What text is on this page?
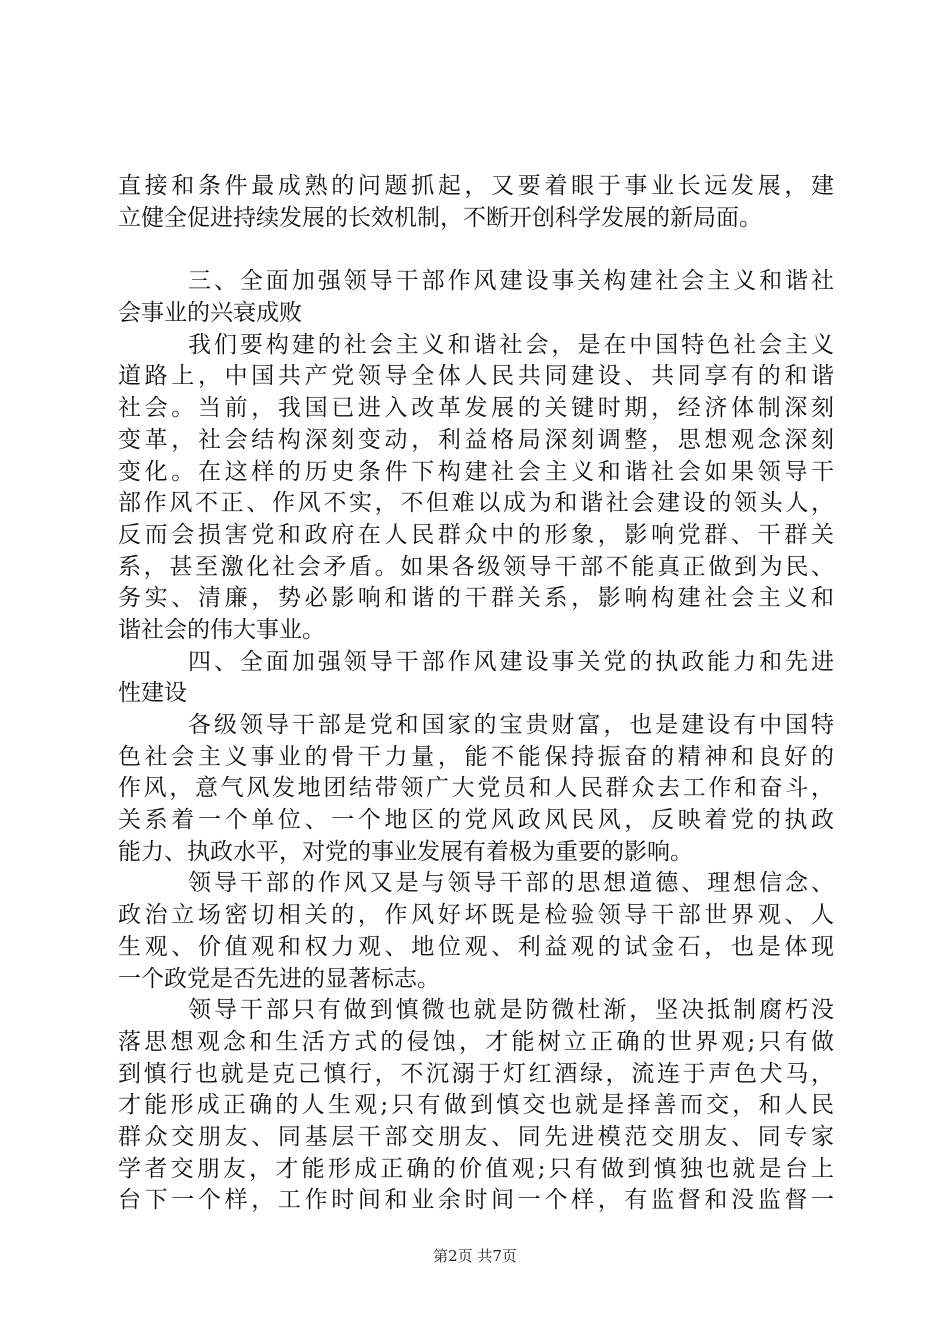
直接和条件最成熟的问题抓起，又要着眼于事业长远发展，建
立健全促进持续发展的长效机制，不断开创科学发展的新局面。
三、全面加强领导干部作风建设事关构建社会主义和谐社
会事业的兴衰成败
我们要构建的社会主义和谐社会，是在中国特色社会主义
道路上，中国共产党领导全体人民共同建设、共同享有的和谐
社会。当前，我国已进入改革发展的关键时期，经济体制深刻
变革，社会结构深刻变动，利益格局深刻调整，思想观念深刻
变化。在这样的历史条件下构建社会主义和谐社会如果领导干
部作风不正、作风不实，不但难以成为和谐社会建设的领头人，
反而会损害党和政府在人民群众中的形象，影响党群、干群关
系，甚至激化社会矛盾。如果各级领导干部不能真正做到为民、
务实、清廉，势必影响和谐的干群关系，影响构建社会主义和
谐社会的伟大事业。
四、全面加强领导干部作风建设事关党的执政能力和先进
性建设
各级领导干部是党和国家的宝贵财富，也是建设有中国特
色社会主义事业的骨干力量，能不能保持振奋的精神和良好的
作风，意气风发地团结带领广大党员和人民群众去工作和奋斗，
关系着一个单位、一个地区的党风政风民风，反映着党的执政
能力、执政水平，对党的事业发展有着极为重要的影响。
领导干部的作风又是与领导干部的思想道德、理想信念、
政治立场密切相关的，作风好坏既是检验领导干部世界观、人
生观、价值观和权力观、地位观、利益观的试金石，也是体现
一个政党是否先进的显著标志。
领导干部只有做到慎微也就是防微杜渐，坚决抵制腐朽没
落思想观念和生活方式的侵蚀，才能树立正确的世界观;只有做
到慎行也就是克己慎行，不沉溺于灯红酒绿，流连于声色犬马，
才能形成正确的人生观;只有做到慎交也就是择善而交，和人民
群众交朋友、同基层干部交朋友、同先进模范交朋友、同专家
学者交朋友，才能形成正确的价值观;只有做到慎独也就是台上
台下一个样，工作时间和业余时间一个样，有监督和没监督一
第2页 共7页
